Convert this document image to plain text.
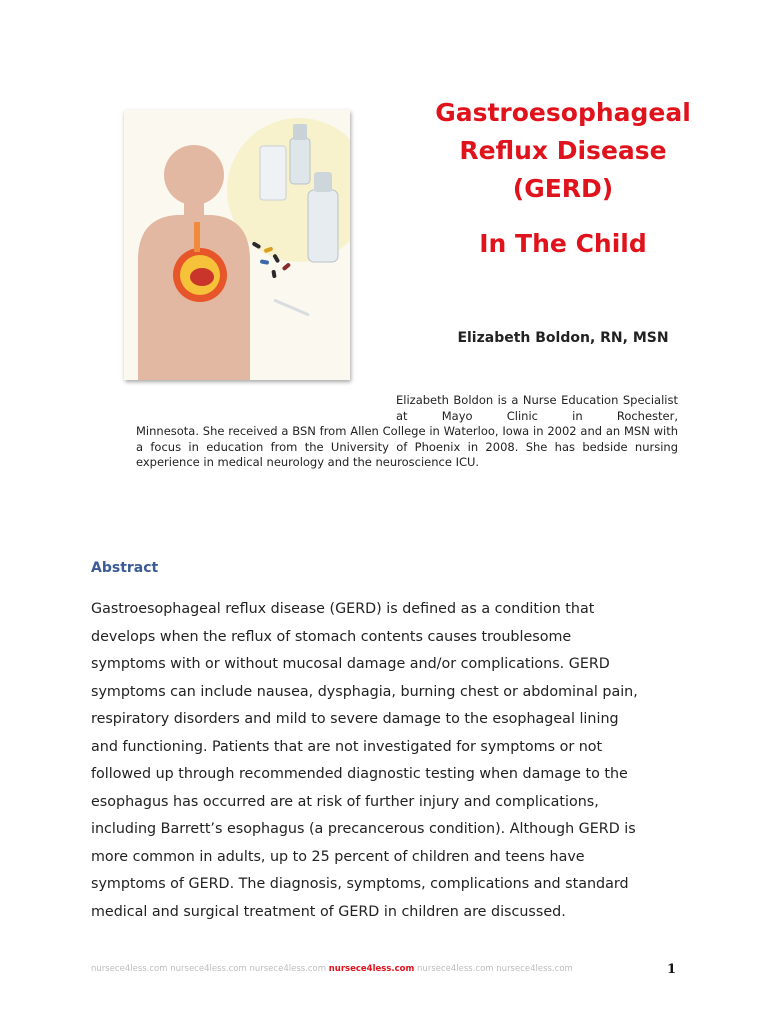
Gastroesophageal
Reflux Disease
(GERD)
In The Child

Elizabeth Boldon, RN, MSN

Elizabeth Boldon is a Nurse Education Specialist at Mayo Clinic in Rochester,

Minnesota. She received a BSN from Allen College in Waterloo, Iowa in 2002 and an MSN with a focus in education from the University of Phoenix in 2008. She has bedside nursing experience in medical neurology and the neuroscience ICU.

Abstract
Gastroesophageal reflux disease (GERD) is defined as a condition that
develops when the reflux of stomach contents causes troublesome
symptoms with or without mucosal damage and/or complications. GERD
symptoms can include nausea, dysphagia, burning chest or abdominal pain,
respiratory disorders and mild to severe damage to the esophageal lining
and functioning. Patients that are not investigated for symptoms or not
followed up through recommended diagnostic testing when damage to the
esophagus has occurred are at risk of further injury and complications,
including Barrett’s esophagus (a precancerous condition). Although GERD is
more common in adults, up to 25 percent of children and teens have
symptoms of GERD. The diagnosis, symptoms, complications and standard
medical and surgical treatment of GERD in children are discussed.

nursece4less.com nursece4less.com nursece4less.com nursece4less.com nursece4less.com nursece4less.com	1
